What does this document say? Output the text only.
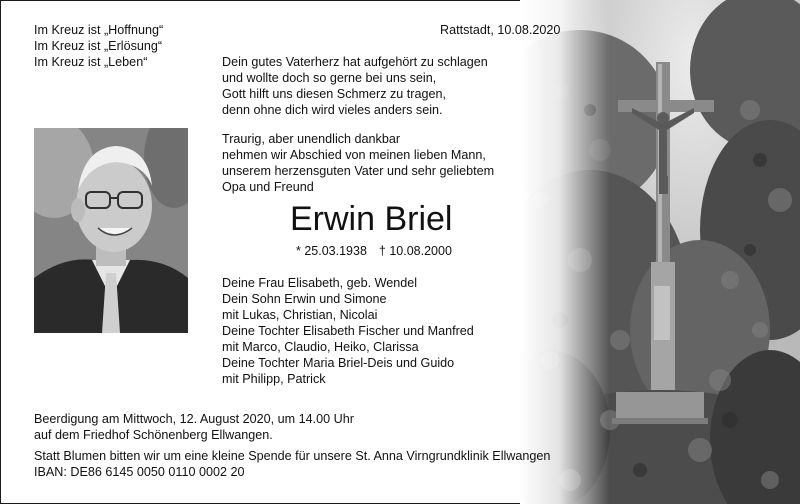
Im Kreuz ist „Hoffnung“
Im Kreuz ist „Erlösung“
Im Kreuz ist „Leben“
Rattstadt, 10.08.2020
Dein gutes Vaterherz hat aufgehört zu schlagen
und wollte doch so gerne bei uns sein,
Gott hilft uns diesen Schmerz zu tragen,
denn ohne dich wird vieles anders sein.
Traurig, aber unendlich dankbar
nehmen wir Abschied von meinen lieben Mann,
unserem herzensguten Vater und sehr geliebtem
Opa und Freund
Erwin Briel
* 25.03.1938 † 10.08.2000
Deine Frau Elisabeth, geb. Wendel
Dein Sohn Erwin und Simone
mit Lukas, Christian, Nicolai
Deine Tochter Elisabeth Fischer und Manfred
mit Marco, Claudio, Heiko, Clarissa
Deine Tochter Maria Briel-Deis und Guido
mit Philipp, Patrick
Beerdigung am Mittwoch, 12. August 2020, um 14.00 Uhr
auf dem Friedhof Schönenberg Ellwangen.
Statt Blumen bitten wir um eine kleine Spende für unsere St. Anna Virngrundklinik Ellwangen
IBAN: DE86 6145 0050 0110 0002 20
